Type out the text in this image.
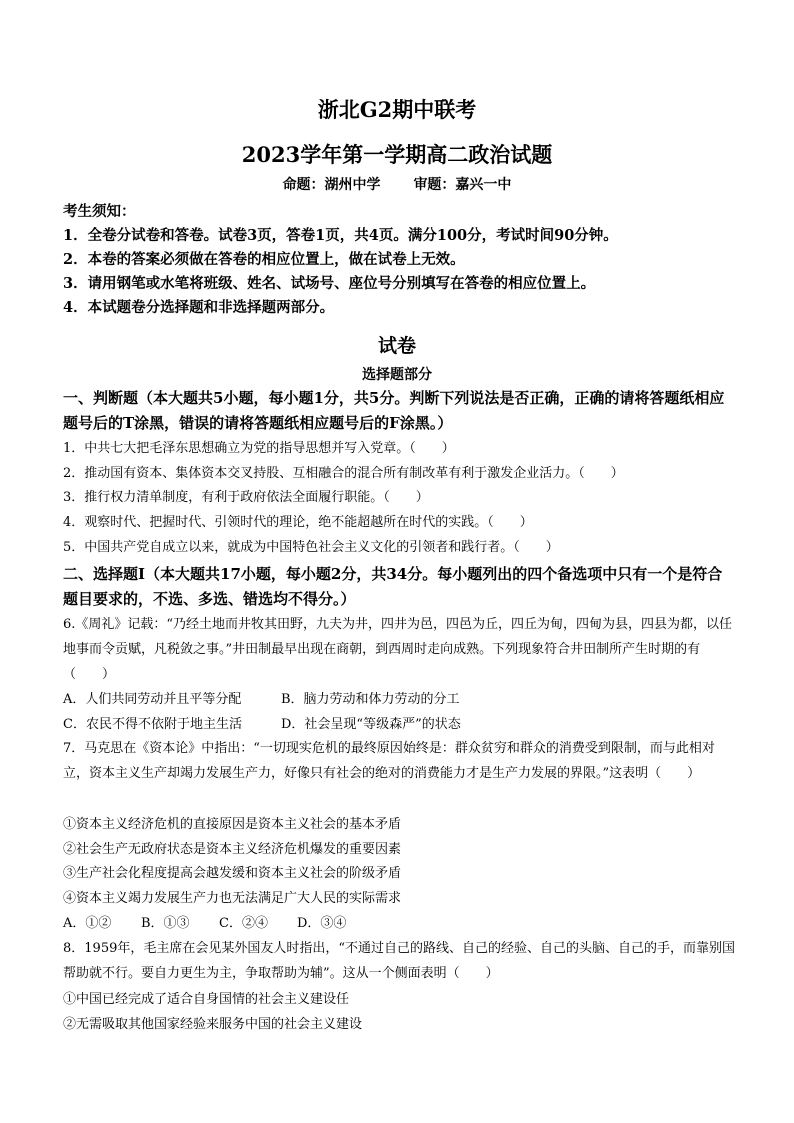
浙北G2期中联考
2023学年第一学期高二政治试题
命题：湖州中学 审题：嘉兴一中
考生须知：
1．全卷分试卷和答卷。试卷3页，答卷1页，共4页。满分100分，考试时间90分钟。
2．本卷的答案必须做在答卷的相应位置上，做在试卷上无效。
3．请用钢笔或水笔将班级、姓名、试场号、座位号分别填写在答卷的相应位置上。
4．本试题卷分选择题和非选择题两部分。
试卷
选择题部分
一、判断题（本大题共5小题，每小题1分，共5分。判断下列说法是否正确，正确的请将答题纸相应题号后的T涂黑，错误的请将答题纸相应题号后的F涂黑。）
1．中共七大把毛泽东思想确立为党的指导思想并写入党章。（　　）
2．推动国有资本、集体资本交叉持股、互相融合的混合所有制改革有利于激发企业活力。（　　）
3．推行权力清单制度，有利于政府依法全面履行职能。（　　）
4．观察时代、把握时代、引领时代的理论，绝不能超越所在时代的实践。（　　）
5．中国共产党自成立以来，就成为中国特色社会主义文化的引领者和践行者。（　　）
二、选择题Ⅰ（本大题共17小题，每小题2分，共34分。每小题列出的四个备选项中只有一个是符合题目要求的，不选、多选、错选均不得分。）
6.《周礼》记载：“乃经土地而井牧其田野，九夫为井，四井为邑，四邑为丘，四丘为甸，四甸为县，四县为都，以任地事而令贡赋，凡税敛之事。”井田制最早出现在商朝，到西周时走向成熟。下列现象符合井田制所产生时期的有（　　）
A．人们共同劳动并且平等分配	B．脑力劳动和体力劳动的分工
C．农民不得不依附于地主生活	D．社会呈现“等级森严”的状态
7．马克思在《资本论》中指出：“一切现实危机的最终原因始终是：群众贫穷和群众的消费受到限制，而与此相对立，资本主义生产却竭力发展生产力，好像只有社会的绝对的消费能力才是生产力发展的界限。”这表明（　　）
①资本主义经济危机的直接原因是资本主义社会的基本矛盾
②社会生产无政府状态是资本主义经济危机爆发的重要因素
③生产社会化程度提高会越发缓和资本主义社会的阶级矛盾
④资本主义竭力发展生产力也无法满足广大人民的实际需求
A．①② B．①③ C．②④ D．③④
8．1959年，毛主席在会见某外国友人时指出，“不通过自己的路线、自己的经验、自己的头脑、自己的手，而靠别国帮助就不行。要自力更生为主，争取帮助为辅”。这从一个侧面表明（　　）
①中国已经完成了适合自身国情的社会主义建设任
②无需吸取其他国家经验来服务中国的社会主义建设
